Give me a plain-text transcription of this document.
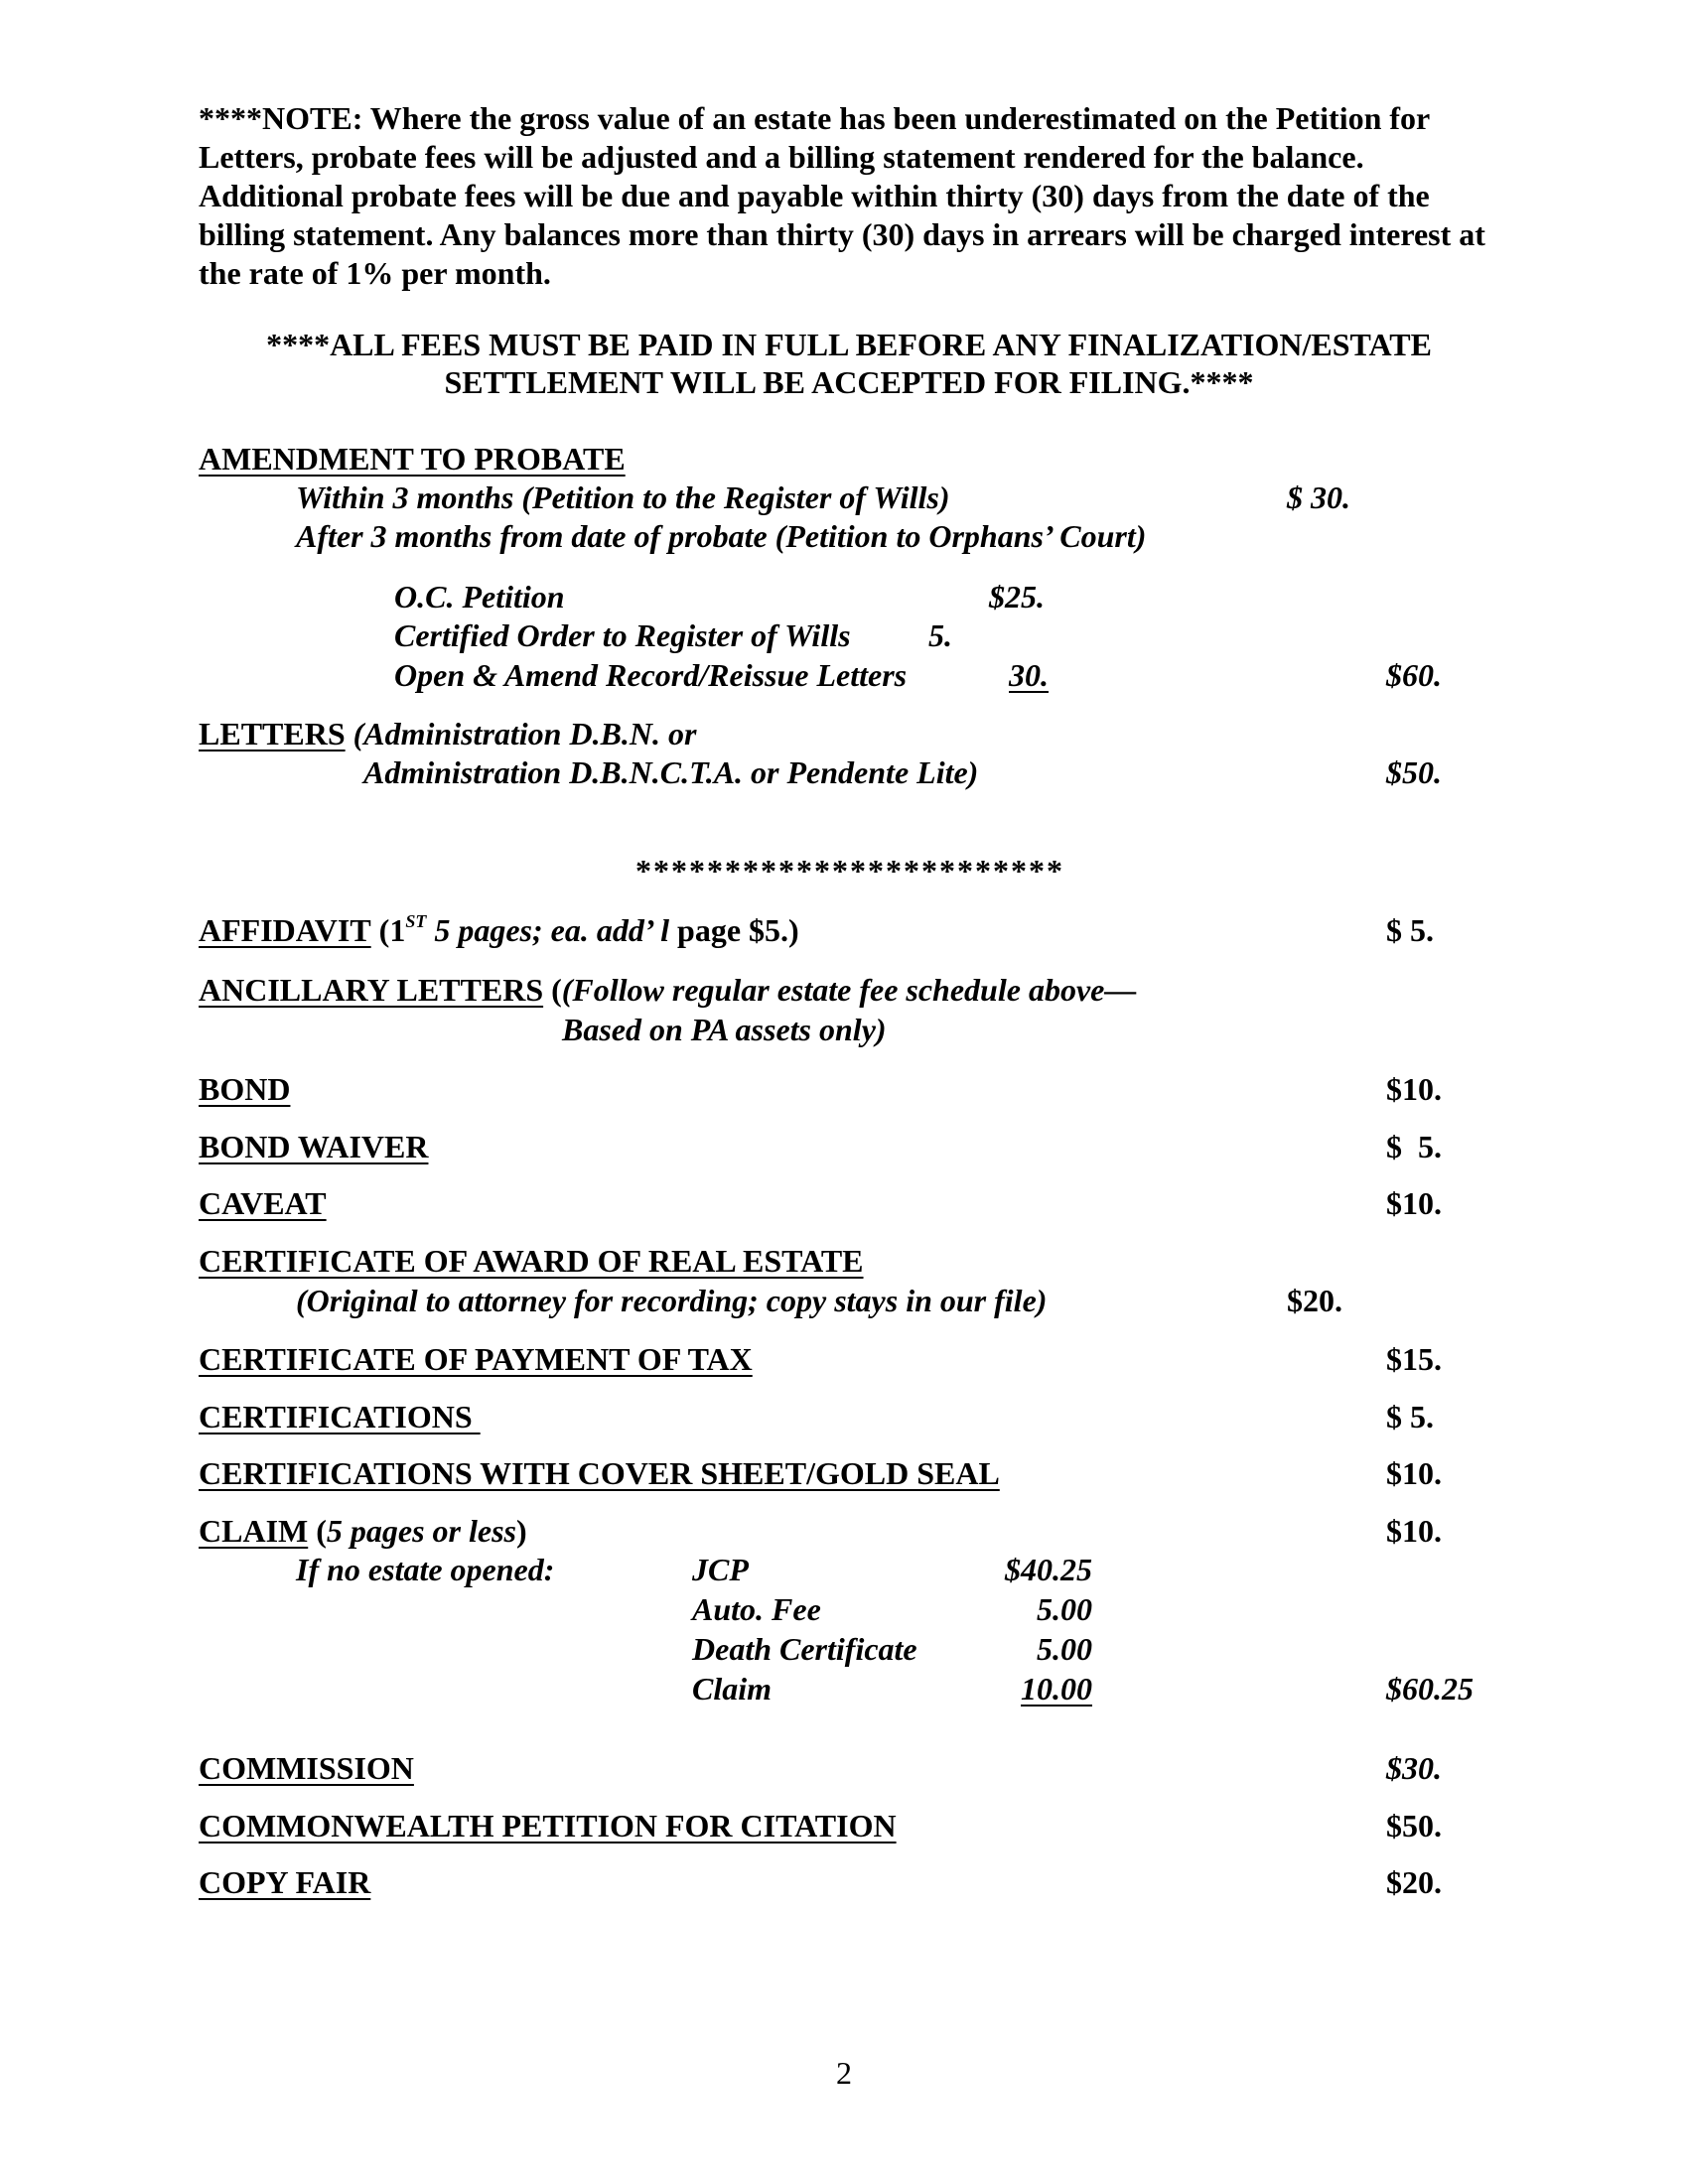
****NOTE: Where the gross value of an estate has been underestimated on the Petition for Letters, probate fees will be adjusted and a billing statement rendered for the balance. Additional probate fees will be due and payable within thirty (30) days from the date of the billing statement. Any balances more than thirty (30) days in arrears will be charged interest at the rate of 1% per month.
****ALL FEES MUST BE PAID IN FULL BEFORE ANY FINALIZATION/ESTATE
SETTLEMENT WILL BE ACCEPTED FOR FILING.****
AMENDMENT TO PROBATE
Within 3 months (Petition to the Register of Wills)	$ 30.
After 3 months from date of probate (Petition to Orphans’ Court)
O.C. Petition	$25.
Certified Order to Register of Wills 5.
Open & Amend Record/Reissue Letters	30.	$60.
LETTERS (Administration D.B.N. or
Administration D.B.N.C.T.A. or Pendente Lite)	$50.
************************
AFFIDAVIT (1ST 5 pages; ea. add’ l page $5.)	$ 5.
ANCILLARY LETTERS ((Follow regular estate fee schedule above—
Based on PA assets only)
BOND	$10.
BOND WAIVER	$  5.
CAVEAT	$10.
CERTIFICATE OF AWARD OF REAL ESTATE
(Original to attorney for recording; copy stays in our file)	$20.
CERTIFICATE OF PAYMENT OF TAX	$15.
CERTIFICATIONS	$ 5.
CERTIFICATIONS WITH COVER SHEET/GOLD SEAL	$10.
CLAIM (5 pages or less)	$10.
If no estate opened:	JCP	$40.25
Auto. Fee	5.00
Death Certificate	5.00
Claim	10.00	$60.25
COMMISSION	$30.
COMMONWEALTH PETITION FOR CITATION	$50.
COPY FAIR	$20.
2
